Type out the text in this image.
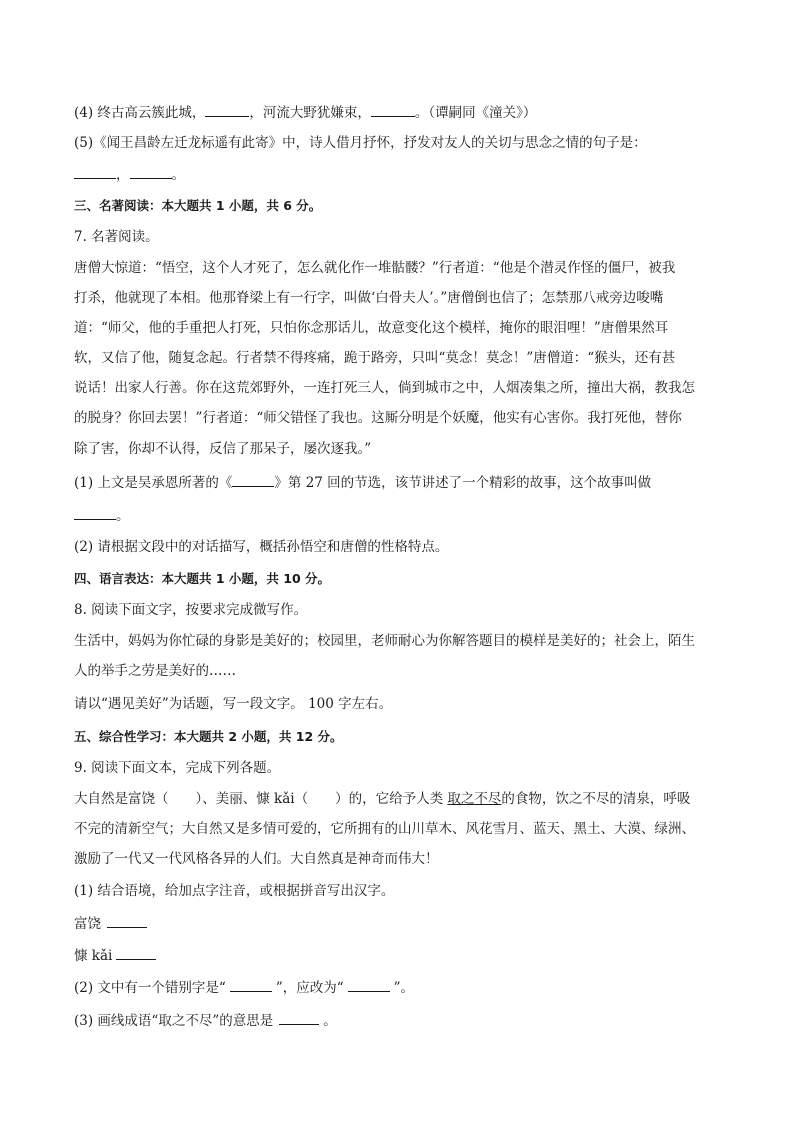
(4) 终古高云簇此城，	，河流大野犹嫌束，	。（谭嗣同《潼关》）
(5)《闻王昌龄左迁龙标遥有此寄》中，诗人借月抒怀，抒发对友人的关切与思念之情的句子是：
，	。
三、名著阅读：本大题共 1 小题，共 6 分。
7. 名著阅读。
唐僧大惊道：“悟空，这个人才死了，怎么就化作一堆骷髅？”行者道：“他是个潜灵作怪的僵尸，被我
打杀，他就现了本相。他那脊梁上有一行字，叫做‘白骨夫人’。”唐僧倒也信了；怎禁那八戒旁边唆嘴
道：“师父，他的手重把人打死，只怕你念那话儿，故意变化这个模样，掩你的眼泪哩！”唐僧果然耳
软，又信了他，随复念起。行者禁不得疼痛，跪于路旁，只叫“莫念！莫念！”唐僧道：“猴头，还有甚
说话！出家人行善。你在这荒郊野外，一连打死三人，倘到城市之中，人烟凑集之所，撞出大祸，教我怎
的脱身？你回去罢！”行者道：“师父错怪了我也。这厮分明是个妖魔，他实有心害你。我打死他，替你
除了害，你却不认得，反信了那呆子，屡次逐我。”
(1) 上文是吴承恩所著的《	》第 27 回的节选，该节讲述了一个精彩的故事，这个故事叫做
。
(2) 请根据文段中的对话描写，概括孙悟空和唐僧的性格特点。
四、语言表达：本大题共 1 小题，共 10 分。
8. 阅读下面文字，按要求完成微写作。
生活中，妈妈为你忙碌的身影是美好的；校园里，老师耐心为你解答题目的模样是美好的；社会上，陌生
人的举手之劳是美好的……
请以“遇见美好”为话题，写一段文字。 100 字左右。
五、综合性学习：本大题共 2 小题，共 12 分。
9. 阅读下面文本，完成下列各题。
大自然是富饶（　　）、美丽、慷 kǎi（　　）的，它给予人类 取之不尽的食物，饮之不尽的清泉，呼吸
不完的清新空气；大自然又是多情可爱的，它所拥有的山川草木、风花雪月、蓝天、黑土、大漠、绿洲、
激励了一代又一代风格各异的人们。大自然真是神奇而伟大！
(1) 结合语境，给加点字注音，或根据拼音写出汉字。
富饶
慷 kǎi
(2) 文中有一个错别字是“	”，应改为“	”。
(3) 画线成语“取之不尽”的意思是	。
